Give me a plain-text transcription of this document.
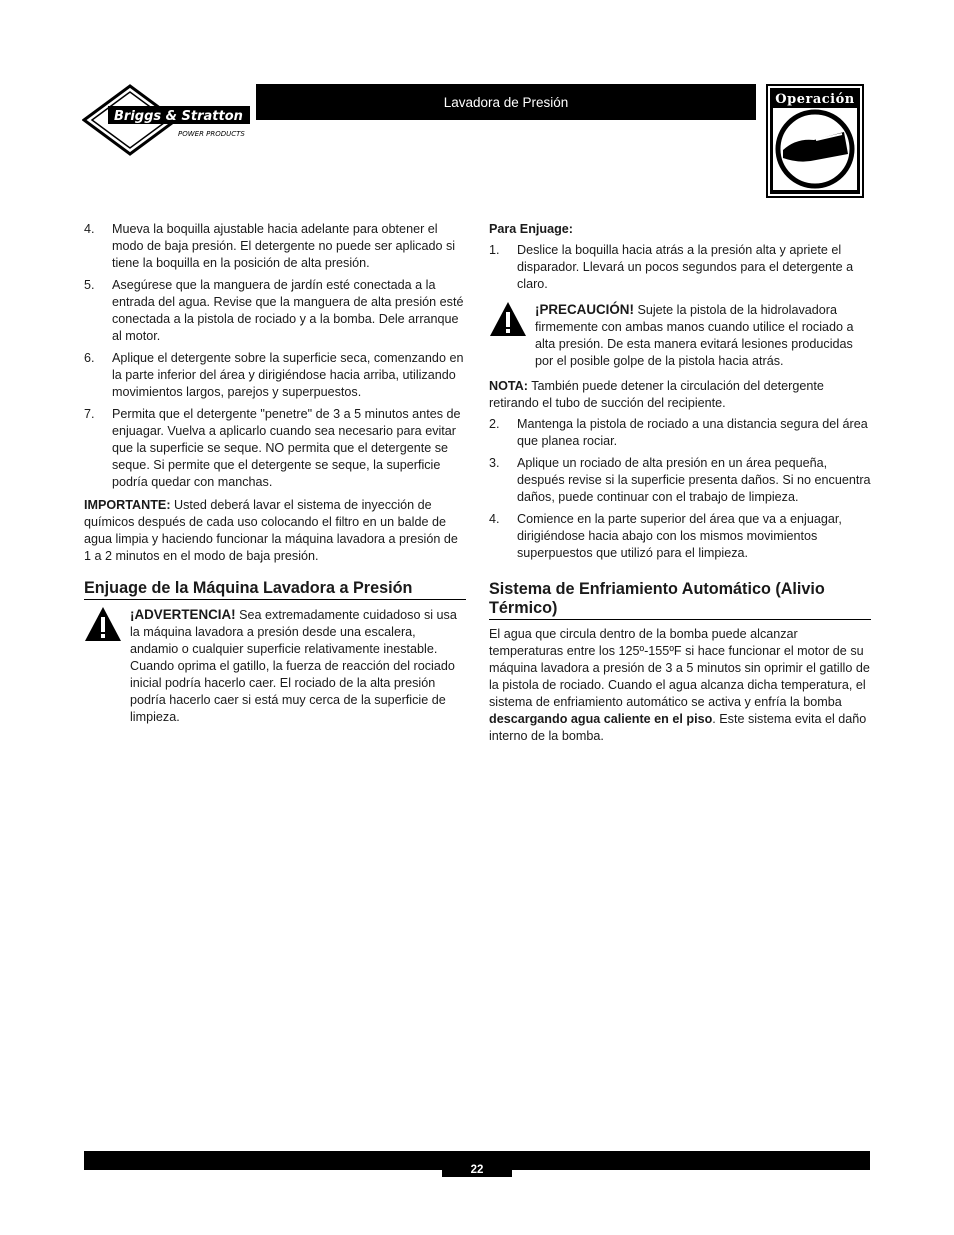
Briggs & Stratton
POWER PRODUCTS
Lavadora de Presión	Operación
4.	Mueva la boquilla ajustable hacia adelante para obtener el modo de baja presión. El detergente no puede ser aplicado si tiene la boquilla en la posición de alta presión.
5.	Asegúrese que la manguera de jardín esté conectada a la entrada del agua. Revise que la manguera de alta presión esté conectada a la pistola de rociado y a la bomba. Dele arranque al motor.
6.	Aplique el detergente sobre la superficie seca, comenzando en la parte inferior del área y dirigiéndose hacia arriba, utilizando movimientos largos, parejos y superpuestos.
7.	Permita que el detergente "penetre" de 3 a 5 minutos antes de enjuagar. Vuelva a aplicarlo cuando sea necesario para evitar que la superficie se seque. NO permita que el detergente se seque. Si permite que el detergente se seque, la superficie podría quedar con manchas.

IMPORTANTE: Usted deberá lavar el sistema de inyección de químicos después de cada uso colocando el filtro en un balde de agua limpia y haciendo funcionar la máquina lavadora a presión de 1 a 2 minutos en el modo de baja presión.

Enjuage de la Máquina Lavadora a Presión
¡ADVERTENCIA! Sea extremadamente cuidadoso si usa la máquina lavadora a presión desde una escalera, andamio o cualquier superficie relativamente inestable. Cuando oprima el gatillo, la fuerza de reacción del rociado inicial podría hacerlo caer. El rociado de la alta presión podría hacerlo caer si está muy cerca de la superficie de limpieza.
Para Enjuage:
1.	Deslice la boquilla hacia atrás a la presión alta y apriete el disparador. Llevará un pocos segundos para el detergente a claro.
¡PRECAUCIÓN! Sujete la pistola de la hidrolavadora firmemente con ambas manos cuando utilice el rociado a alta presión. De esta manera evitará lesiones producidas por el posible golpe de la pistola hacia atrás.

NOTA: También puede detener la circulación del detergente retirando el tubo de succión del recipiente.

2.	Mantenga la pistola de rociado a una distancia segura del área que planea rociar.
3.	Aplique un rociado de alta presión en un área pequeña, después revise si la superficie presenta daños. Si no encuentra daños, puede continuar con el trabajo de limpieza.
4.	Comience en la parte superior del área que va a enjuagar, dirigiéndose hacia abajo con los mismos movimientos superpuestos que utilizó para el limpieza.
Sistema de Enfriamiento Automático (Alivio Térmico)

El agua que circula dentro de la bomba puede alcanzar temperaturas entre los 125º-155ºF si hace funcionar el motor de su máquina lavadora a presión de 3 a 5 minutos sin oprimir el gatillo de la pistola de rociado. Cuando el agua alcanza dicha temperatura, el sistema de enfriamiento automático se activa y enfría la bomba descargando agua caliente en el piso. Este sistema evita el daño interno de la bomba.

22
